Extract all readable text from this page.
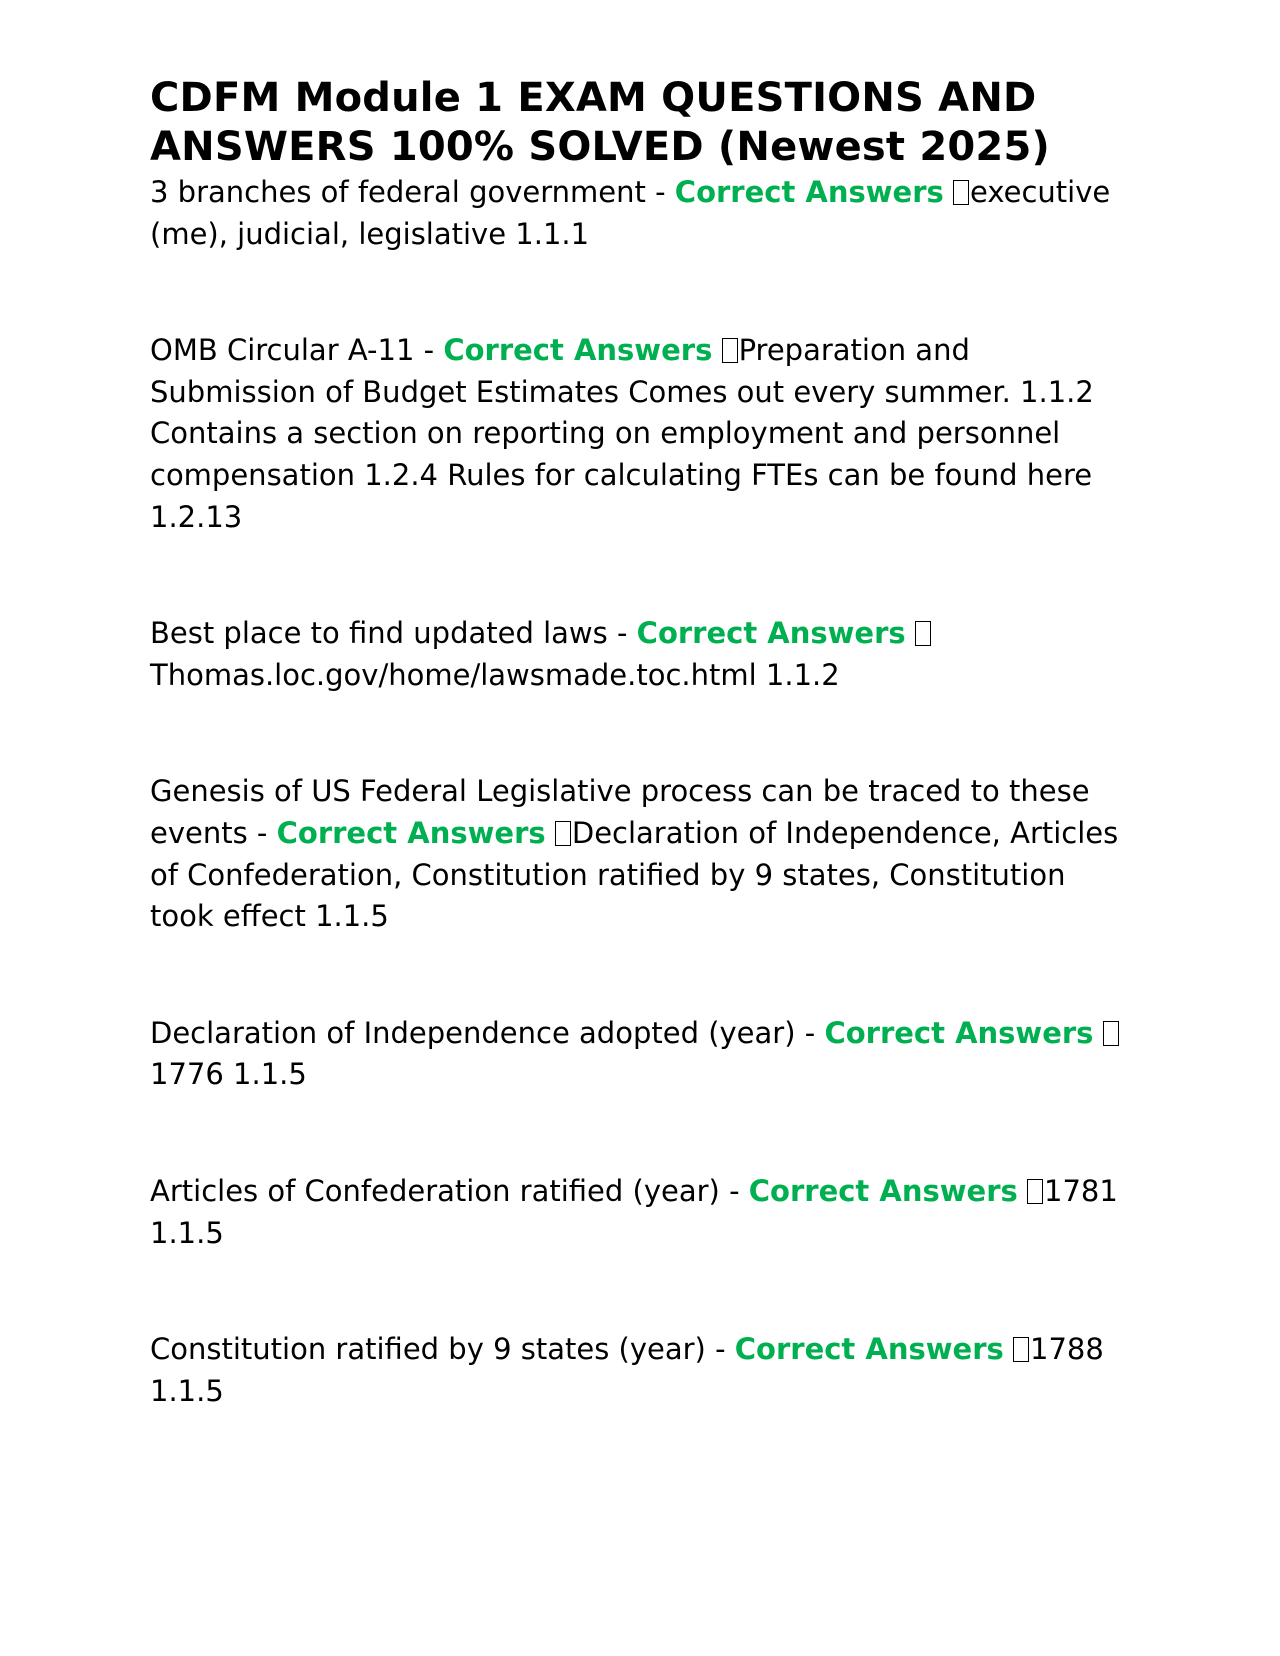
CDFM Module 1 EXAM QUESTIONS AND ANSWERS 100% SOLVED (Newest 2025)

3 branches of federal government - Correct Answers executive (me), judicial, legislative 1.1.1

OMB Circular A-11 - Correct Answers Preparation and Submission of Budget Estimates Comes out every summer. 1.1.2 Contains a section on reporting on employment and personnel compensation 1.2.4 Rules for calculating FTEs can be found here 1.2.13

Best place to find updated laws - Correct Answers Thomas.loc.gov/home/lawsmade.toc.html 1.1.2

Genesis of US Federal Legislative process can be traced to these events - Correct Answers Declaration of Independence, Articles of Confederation, Constitution ratified by 9 states, Constitution took effect 1.1.5

Declaration of Independence adopted (year) - Correct Answers 1776 1.1.5

Articles of Confederation ratified (year) - Correct Answers 1781 1.1.5

Constitution ratified by 9 states (year) - Correct Answers 1788 1.1.5
